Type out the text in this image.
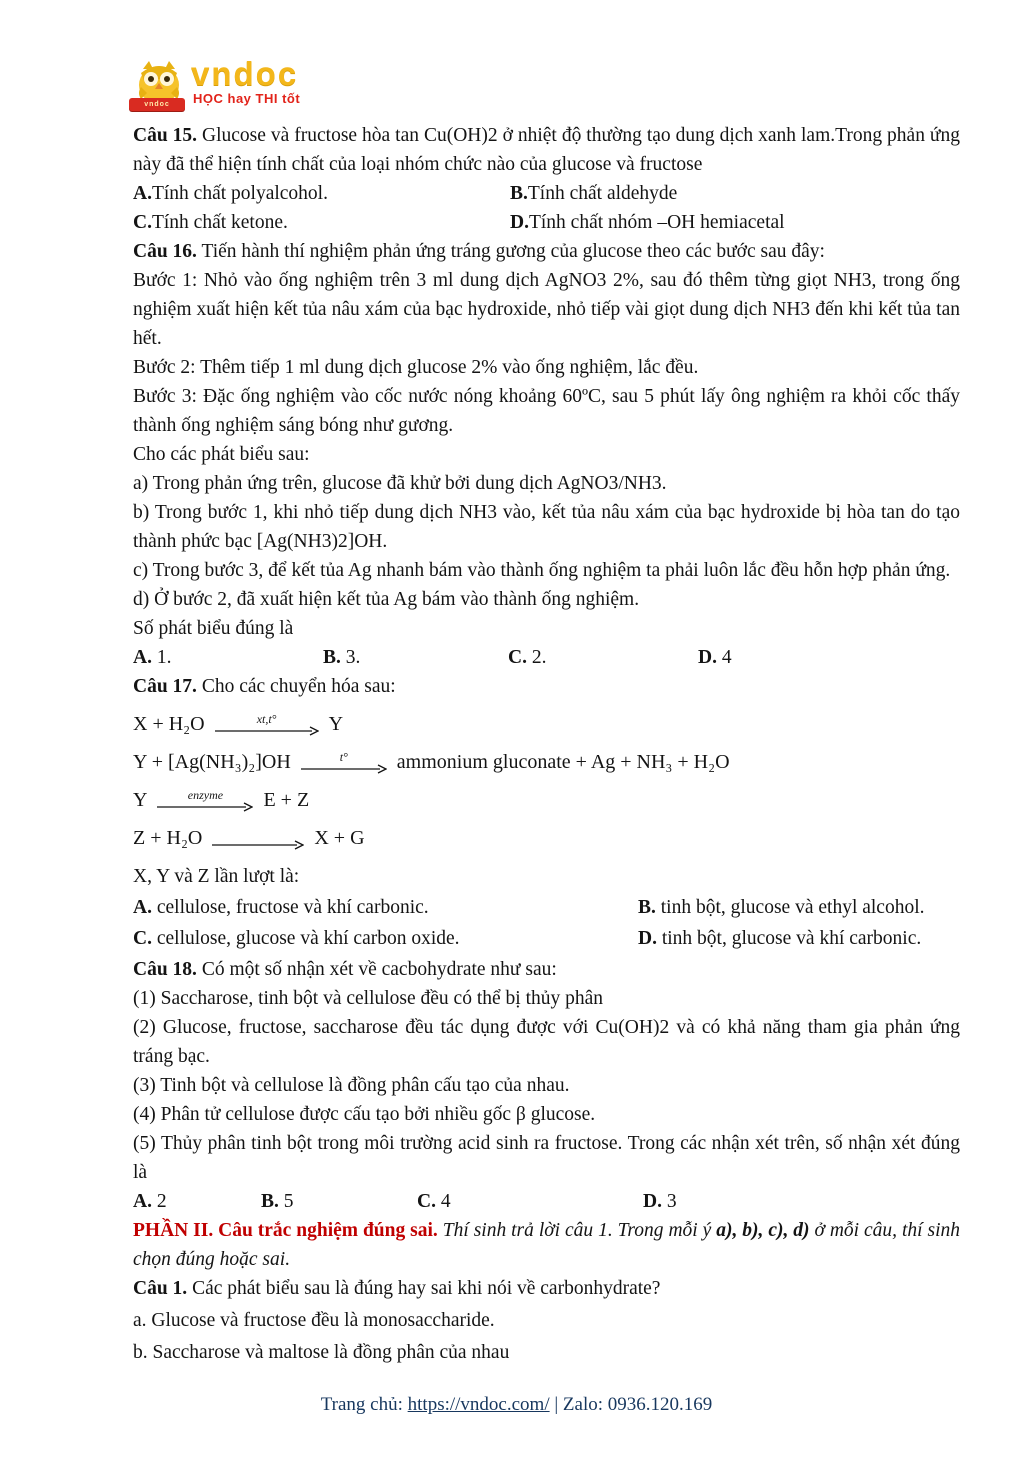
vndoc
vndoc
HỌC hay THI tốt

Câu 15. Glucose và fructose hòa tan Cu(OH)2 ở nhiệt độ thường tạo dung dịch xanh lam.Trong phản ứng này đã thể hiện tính chất của loại nhóm chức nào của glucose và fructose

A.Tính chất polyalcohol.	B.Tính chất aldehyde
C.Tính chất ketone.	D.Tính chất nhóm –OH hemiacetal

Câu 16. Tiến hành thí nghiệm phản ứng tráng gương của glucose theo các bước sau đây:

Bước 1: Nhỏ vào ống nghiệm trên 3 ml dung dịch AgNO3 2%, sau đó thêm từng giọt NH3, trong ống nghiệm xuất hiện kết tủa nâu xám của bạc hydroxide, nhỏ tiếp vài giọt dung dịch NH3 đến khi kết tủa tan hết.

Bước 2: Thêm tiếp 1 ml dung dịch glucose 2% vào ống nghiệm, lắc đều.

Bước 3: Đặc ống nghiệm vào cốc nước nóng khoảng 60ºC, sau 5 phút lấy ông nghiệm ra khỏi cốc thấy thành ống nghiệm sáng bóng như gương.

Cho các phát biểu sau:

a) Trong phản ứng trên, glucose đã khử bởi dung dịch AgNO3/NH3.

b) Trong bước 1, khi nhỏ tiếp dung dịch NH3 vào, kết tủa nâu xám của bạc hydroxide bị hòa tan do tạo thành phức bạc [Ag(NH3)2]OH.

c) Trong bước 3, để kết tủa Ag nhanh bám vào thành ống nghiệm ta phải luôn lắc đều hỗn hợp phản ứng.

d) Ở bước 2, đã xuất hiện kết tủa Ag bám vào thành ống nghiệm.

Số phát biểu đúng là

A. 1.	B. 3.	C. 2.	D. 4

Câu 17. Cho các chuyển hóa sau:

X + H₂O	xt,t°	Y
Y + [Ag(NH₃)₂]OH	t° ammonium gluconate + Ag + NH₃ + H₂O
Y	enzyme E + Z
Z + H₂O	X + G

X, Y và Z lần lượt là:

A. cellulose, fructose và khí carbonic.	B. tinh bột, glucose và ethyl alcohol.
C. cellulose, glucose và khí carbon oxide.	D. tinh bột, glucose và khí carbonic.

Câu 18. Có một số nhận xét về cacbohydrate như sau:

(1) Saccharose, tinh bột và cellulose đều có thể bị thủy phân

(2) Glucose, fructose, saccharose đều tác dụng được với Cu(OH)2 và có khả năng tham gia phản ứng tráng bạc.

(3) Tinh bột và cellulose là đồng phân cấu tạo của nhau.

(4) Phân tử cellulose được cấu tạo bởi nhiều gốc β glucose.

(5) Thủy phân tinh bột trong môi trường acid sinh ra fructose. Trong các nhận xét trên, số nhận xét đúng là

A. 2	B. 5	C. 4	D. 3

PHẦN II. Câu trắc nghiệm đúng sai. Thí sinh trả lời câu 1. Trong mỗi ý a), b), c), d) ở mỗi câu, thí sinh chọn đúng hoặc sai.

Câu 1. Các phát biểu sau là đúng hay sai khi nói về carbonhydrate?

a. Glucose và fructose đều là monosaccharide.

b. Saccharose và maltose là đồng phân của nhau

Trang chủ: https://vndoc.com/ | Zalo: 0936.120.169
